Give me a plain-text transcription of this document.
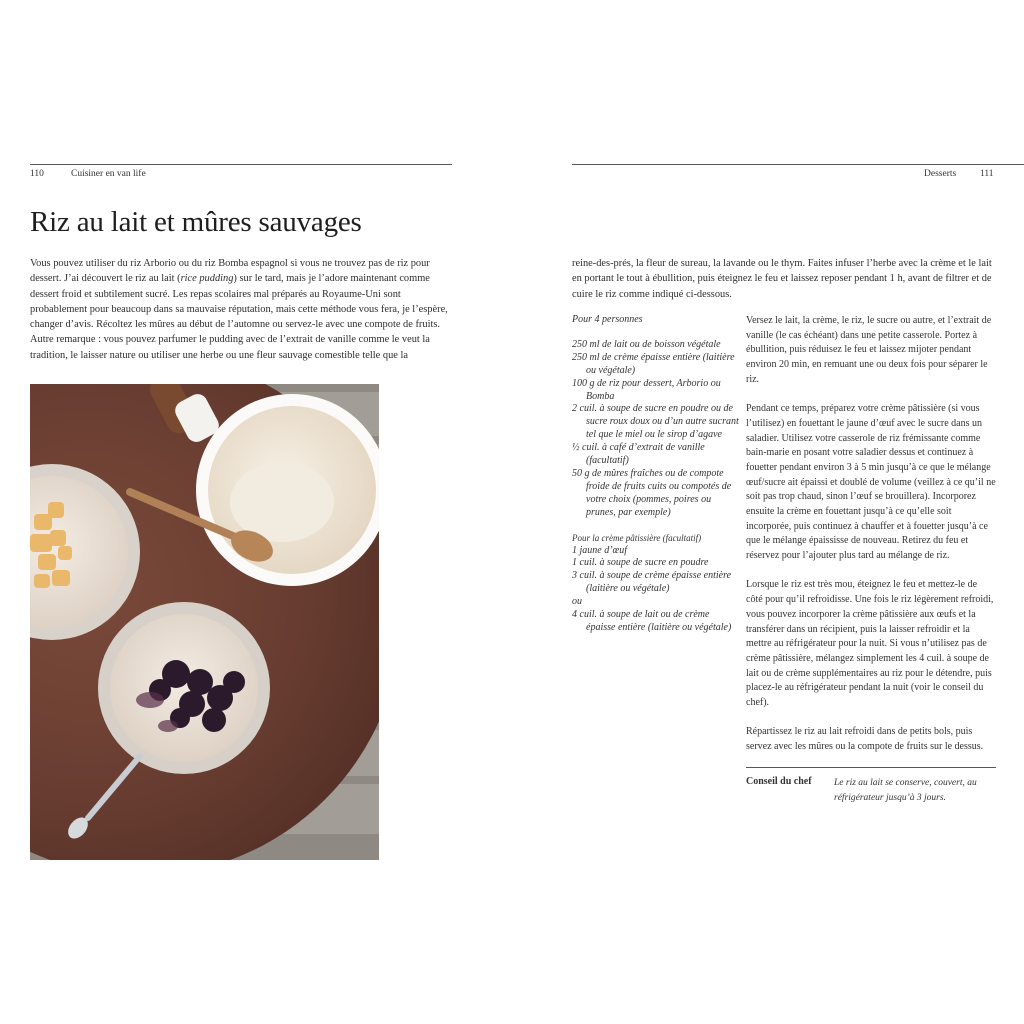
110	Cuisiner en van life	Desserts	111
Riz au lait et mûres sauvages

Vous pouvez utiliser du riz Arborio ou du riz Bomba espagnol si vous ne trouvez pas de riz pour dessert. J’ai découvert le riz au lait (rice pudding) sur le tard, mais je l’adore maintenant comme dessert froid et subtilement sucré. Les repas scolaires mal préparés au Royaume-Uni sont probablement pour beaucoup dans sa mauvaise réputation, mais cette méthode vous fera, je l’espère, changer d’avis. Récoltez les mûres au début de l’automne ou servez-le avec une compote de fruits. Autre remarque : vous pouvez parfumer le pudding avec de l’extrait de vanille comme le veut la tradition, le laisser nature ou utiliser une herbe ou une fleur sauvage comestible telle que la

reine-des-prés, la fleur de sureau, la lavande ou le thym. Faites infuser l’herbe avec la crème et le lait en portant le tout à ébullition, puis éteignez le feu et laissez reposer pendant 1 h, avant de filtrer et de cuire le riz comme indiqué ci-dessous.

Pour 4 personnes
250 ml de lait ou de boisson végétale
250 ml de crème épaisse entière (laitière ou végétale)
100 g de riz pour dessert, Arborio ou Bomba
2 cuil. à soupe de sucre en poudre ou de sucre roux doux ou d’un autre sucrant tel que le miel ou le sirop d’agave
½ cuil. à café d’extrait de vanille (facultatif)
50 g de mûres fraîches ou de compote froide de fruits cuits ou compotés de votre choix (pommes, poires ou prunes, par exemple)
Pour la crème pâtissière (facultatif)
1 jaune d’œuf
1 cuil. à soupe de sucre en poudre
3 cuil. à soupe de crème épaisse entière (laitière ou végétale)
ou
4 cuil. à soupe de lait ou de crème épaisse entière (laitière ou végétale)

Versez le lait, la crème, le riz, le sucre ou autre, et l’extrait de vanille (le cas échéant) dans une petite casserole. Portez à ébullition, puis réduisez le feu et laissez mijoter pendant environ 20 min, en remuant une ou deux fois pour séparer le riz.

Pendant ce temps, préparez votre crème pâtissière (si vous l’utilisez) en fouettant le jaune d’œuf avec le sucre dans un saladier. Utilisez votre casserole de riz frémissante comme bain-marie en posant votre saladier dessus et continuez à fouetter pendant environ 3 à 5 min jusqu’à ce que le mélange œuf/sucre ait épaissi et doublé de volume (veillez à ce qu’il ne soit pas trop chaud, sinon l’œuf se brouillera). Incorporez ensuite la crème en fouettant jusqu’à ce qu’elle soit incorporée, puis continuez à chauffer et à fouetter jusqu’à ce que le mélange épaississe de nouveau. Retirez du feu et réservez pour l’ajouter plus tard au mélange de riz.

Lorsque le riz est très mou, éteignez le feu et mettez-le de côté pour qu’il refroidisse. Une fois le riz légèrement refroidi, vous pouvez incorporer la crème pâtissière aux œufs et la transférer dans un récipient, puis la laisser refroidir et la mettre au réfrigérateur pour la nuit. Si vous n’utilisez pas de crème pâtissière, mélangez simplement les 4 cuil. à soupe de lait ou de crème supplémentaires au riz pour le détendre, puis placez-le au réfrigérateur pendant la nuit (voir le conseil du chef).

Répartissez le riz au lait refroidi dans de petits bols, puis servez avec les mûres ou la compote de fruits sur le dessus.

Conseil du chef Le riz au lait se conserve, couvert, au réfrigérateur jusqu’à 3 jours.
